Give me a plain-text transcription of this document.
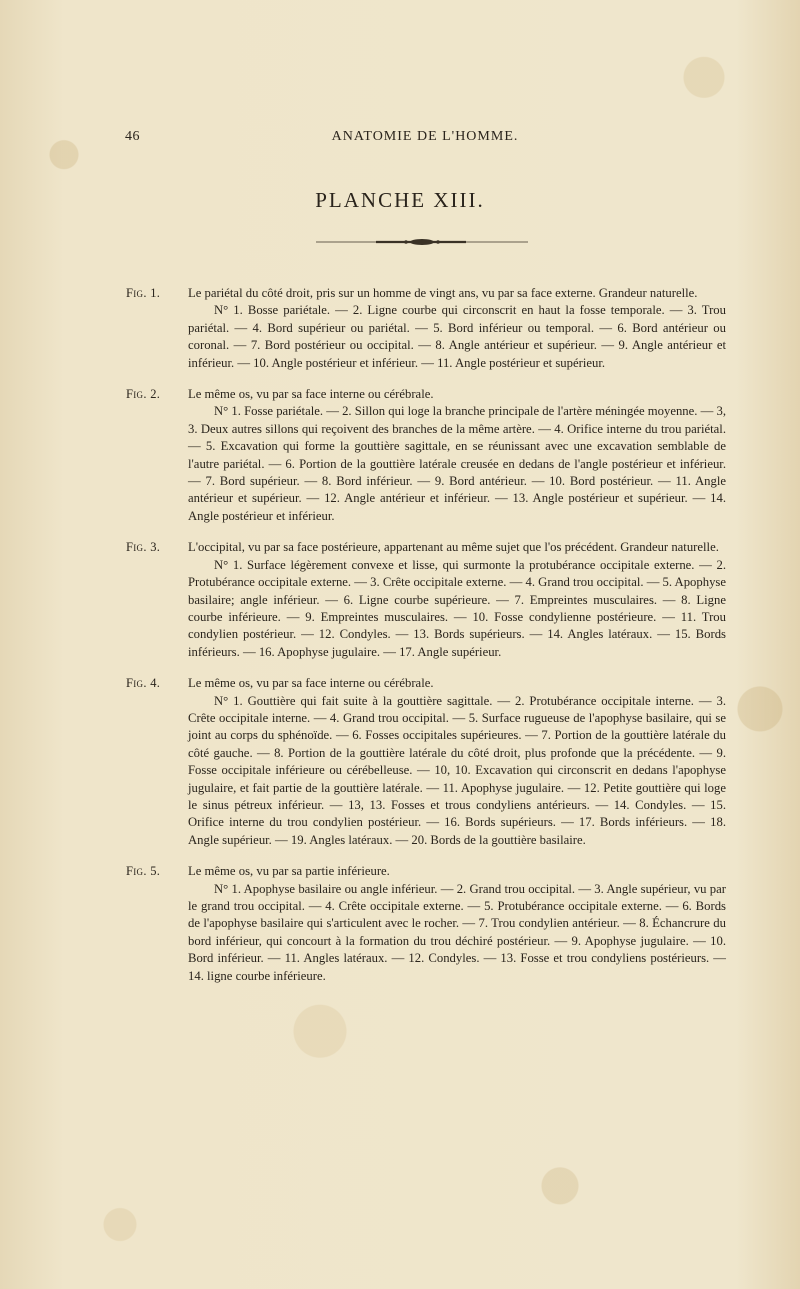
46	ANATOMIE DE L'HOMME.
PLANCHE XIII.
Fig. 1.	Le pariétal du côté droit, pris sur un homme de vingt ans, vu par sa face externe. Grandeur naturelle.

N° 1. Bosse pariétale. — 2. Ligne courbe qui circonscrit en haut la fosse temporale. — 3. Trou pariétal. — 4. Bord supérieur ou pariétal. — 5. Bord inférieur ou temporal. — 6. Bord antérieur ou coronal. — 7. Bord postérieur ou occipital. — 8. Angle antérieur et supérieur. — 9. Angle antérieur et inférieur. — 10. Angle postérieur et inférieur. — 11. Angle postérieur et supérieur.

Fig. 2.	Le même os, vu par sa face interne ou cérébrale.

N° 1. Fosse pariétale. — 2. Sillon qui loge la branche principale de l'artère méningée moyenne. — 3, 3. Deux autres sillons qui reçoivent des branches de la même artère. — 4. Orifice interne du trou pariétal. — 5. Excavation qui forme la gouttière sagittale, en se réunissant avec une excavation semblable de l'autre pariétal. — 6. Portion de la gouttière latérale creusée en dedans de l'angle postérieur et inférieur. — 7. Bord supérieur. — 8. Bord inférieur. — 9. Bord antérieur. — 10. Bord postérieur. — 11. Angle antérieur et supérieur. — 12. Angle antérieur et inférieur. — 13. Angle postérieur et supérieur. — 14. Angle postérieur et inférieur.

Fig. 3.	L'occipital, vu par sa face postérieure, appartenant au même sujet que l'os précédent. Grandeur naturelle.

N° 1. Surface légèrement convexe et lisse, qui surmonte la protubérance occipitale externe. — 2. Protubérance occipitale externe. — 3. Crête occipitale externe. — 4. Grand trou occipital. — 5. Apophyse basilaire; angle inférieur. — 6. Ligne courbe supérieure. — 7. Empreintes musculaires. — 8. Ligne courbe inférieure. — 9. Empreintes musculaires. — 10. Fosse condylienne postérieure. — 11. Trou condylien postérieur. — 12. Condyles. — 13. Bords supérieurs. — 14. Angles latéraux. — 15. Bords inférieurs. — 16. Apophyse jugulaire. — 17. Angle supérieur.

Fig. 4.	Le même os, vu par sa face interne ou cérébrale.

N° 1. Gouttière qui fait suite à la gouttière sagittale. — 2. Protubérance occipitale interne. — 3. Crête occipitale interne. — 4. Grand trou occipital. — 5. Surface rugueuse de l'apophyse basilaire, qui se joint au corps du sphénoïde. — 6. Fosses occipitales supérieures. — 7. Portion de la gouttière latérale du côté gauche. — 8. Portion de la gouttière latérale du côté droit, plus profonde que la précédente. — 9. Fosse occipitale inférieure ou cérébelleuse. — 10, 10. Excavation qui circonscrit en dedans l'apophyse jugulaire, et fait partie de la gouttière latérale. — 11. Apophyse jugulaire. — 12. Petite gouttière qui loge le sinus pétreux inférieur. — 13, 13. Fosses et trous condyliens antérieurs. — 14. Condyles. — 15. Orifice interne du trou condylien postérieur. — 16. Bords supérieurs. — 17. Bords inférieurs. — 18. Angle supérieur. — 19. Angles latéraux. — 20. Bords de la gouttière basilaire.

Fig. 5.	Le même os, vu par sa partie inférieure.

N° 1. Apophyse basilaire ou angle inférieur. — 2. Grand trou occipital. — 3. Angle supérieur, vu par le grand trou occipital. — 4. Crête occipitale externe. — 5. Protubérance occipitale externe. — 6. Bords de l'apophyse basilaire qui s'articulent avec le rocher. — 7. Trou condylien antérieur. — 8. Échancrure du bord inférieur, qui concourt à la formation du trou déchiré postérieur. — 9. Apophyse jugulaire. — 10. Bord inférieur. — 11. Angles latéraux. — 12. Condyles. — 13. Fosse et trou condyliens postérieurs. — 14. ligne courbe inférieure.
